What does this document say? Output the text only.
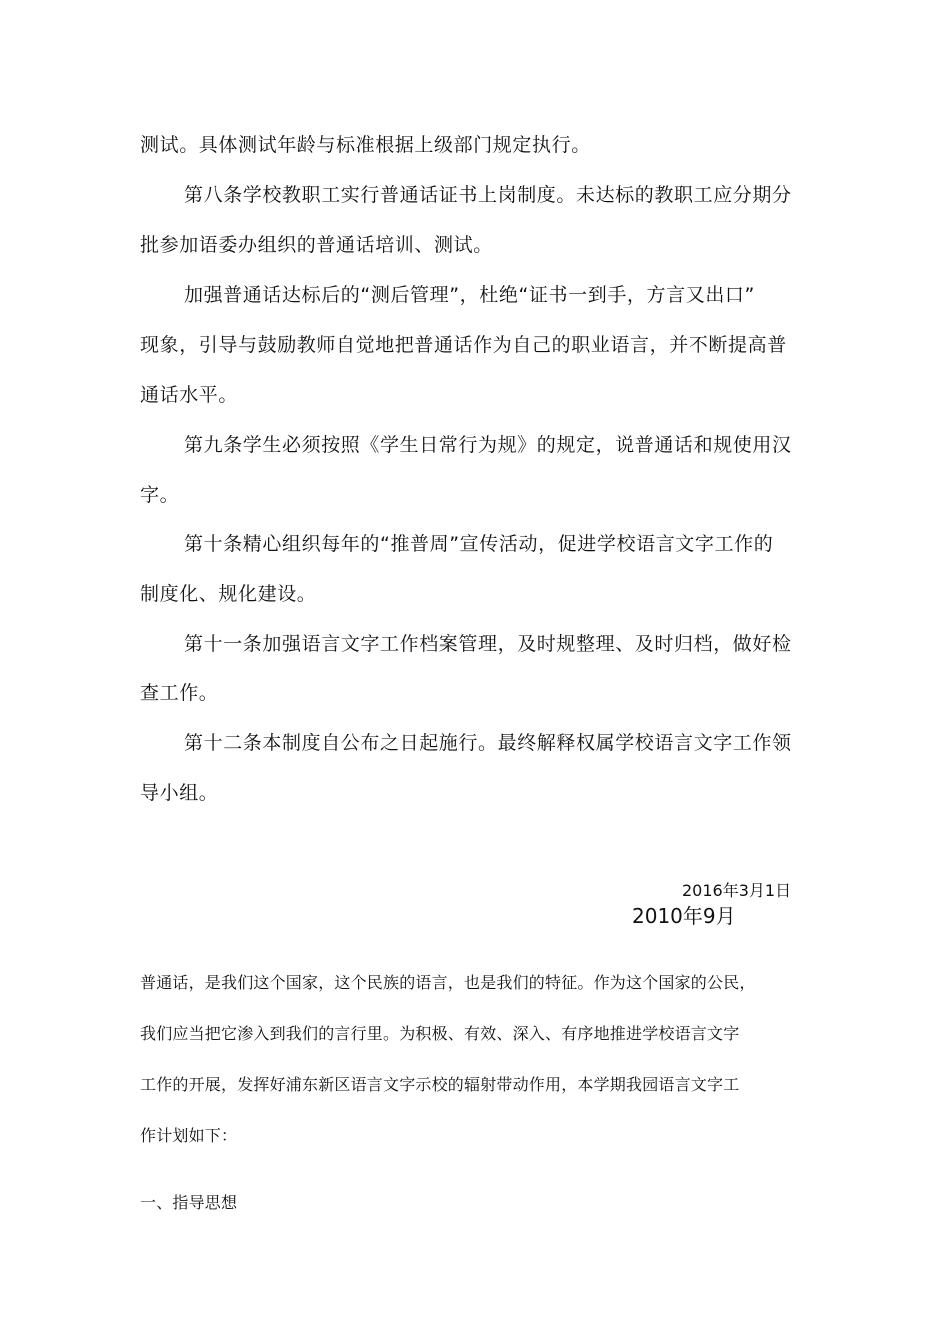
测试。具体测试年龄与标准根据上级部门规定执行。
第八条学校教职工实行普通话证书上岗制度。未达标的教职工应分期分
批参加语委办组织的普通话培训、测试。
加强普通话达标后的“测后管理”，杜绝“证书一到手，方言又出口”
现象，引导与鼓励教师自觉地把普通话作为自己的职业语言，并不断提高普
通话水平。
第九条学生必须按照《学生日常行为规》的规定，说普通话和规使用汉
字。
第十条精心组织每年的“推普周”宣传活动，促进学校语言文字工作的
制度化、规化建设。
第十一条加强语言文字工作档案管理，及时规整理、及时归档，做好检
查工作。
第十二条本制度自公布之日起施行。最终解释权属学校语言文字工作领
导小组。
2016年3月1日
2010年9月
普通话，是我们这个国家，这个民族的语言，也是我们的特征。作为这个国家的公民，
我们应当把它渗入到我们的言行里。为积极、有效、深入、有序地推进学校语言文字
工作的开展，发挥好浦东新区语言文字示校的辐射带动作用，本学期我园语言文字工
作计划如下：
一、指导思想
